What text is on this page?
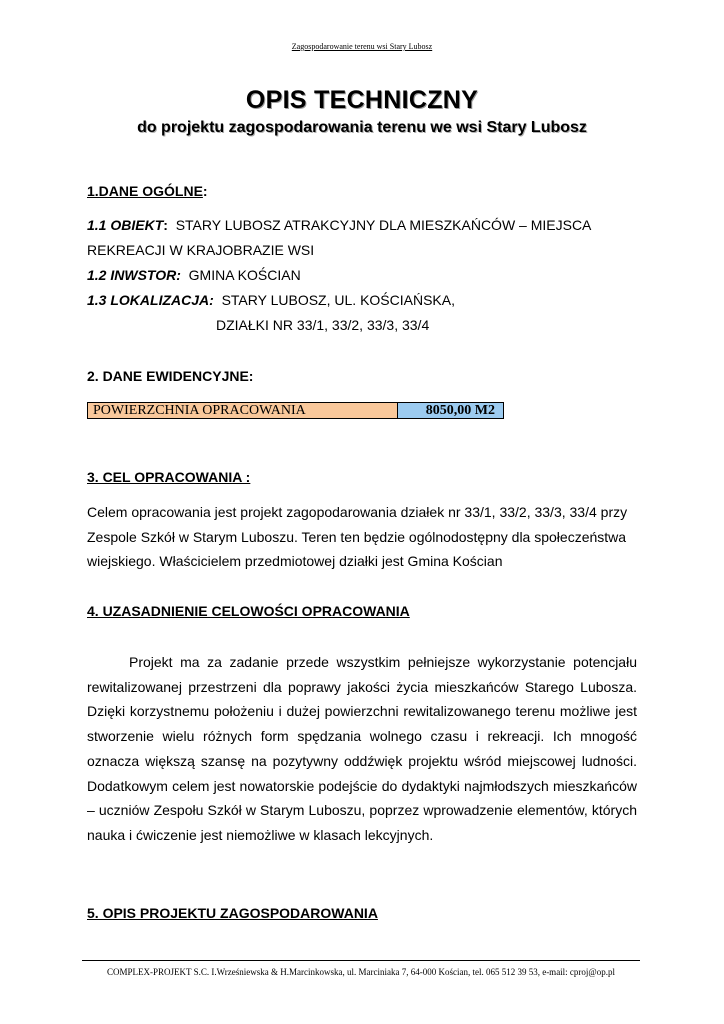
Zagospodarowanie terenu wsi Stary Lubosz
OPIS TECHNICZNY
do projektu zagospodarowania terenu we wsi Stary Lubosz
1.DANE OGÓLNE:
1.1 OBIEKT: STARY LUBOSZ ATRAKCYJNY DLA MIESZKAŃCÓW – MIEJSCA
REKREACJI W KRAJOBRAZIE WSI
1.2 INWSTOR: GMINA KOŚCIAN
1.3 LOKALIZACJA: STARY LUBOSZ, UL. KOŚCIAŃSKA,
DZIAŁKI NR 33/1, 33/2, 33/3, 33/4
2. DANE EWIDENCYJNE:
POWIERZCHNIA OPRACOWANIA	8050,00 M2
3. CEL OPRACOWANIA :
Celem opracowania jest projekt zagopodarowania działek nr 33/1, 33/2, 33/3, 33/4 przy Zespole Szkół w Starym Luboszu. Teren ten będzie ogólnodostępny dla społeczeństwa wiejskiego. Właścicielem przedmiotowej działki jest Gmina Kościan
4. UZASADNIENIE CELOWOŚCI OPRACOWANIA
Projekt ma za zadanie przede wszystkim pełniejsze wykorzystanie potencjału rewitalizowanej przestrzeni dla poprawy jakości życia mieszkańców Starego Lubosza. Dzięki korzystnemu położeniu i dużej powierzchni rewitalizowanego terenu możliwe jest stworzenie wielu różnych form spędzania wolnego czasu i rekreacji. Ich mnogość oznacza większą szansę na pozytywny oddźwięk projektu wśród miejscowej ludności. Dodatkowym celem jest nowatorskie podejście do dydaktyki najmłodszych mieszkańców – uczniów Zespołu Szkół w Starym Luboszu, poprzez wprowadzenie elementów, których nauka i ćwiczenie jest niemożliwe w klasach lekcyjnych.
5. OPIS PROJEKTU ZAGOSPODAROWANIA
COMPLEX-PROJEKT S.C. I.Wrześniewska & H.Marcinkowska, ul. Marciniaka 7, 64-000 Kościan, tel. 065 512 39 53, e-mail: cproj@op.pl
